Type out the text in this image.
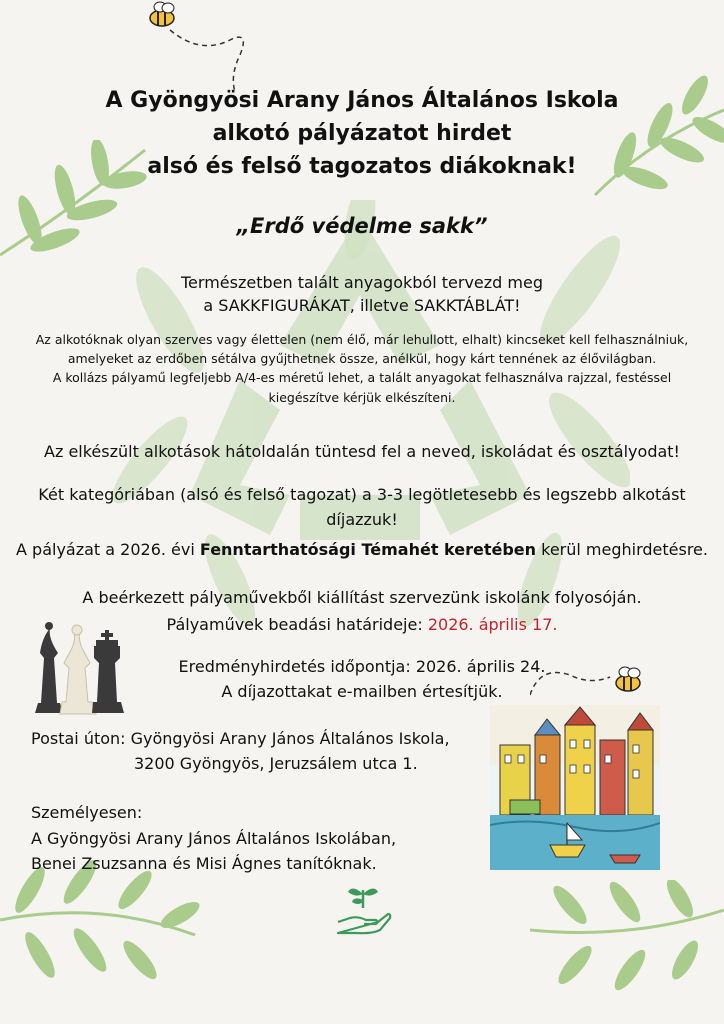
A Gyöngyösi Arany János Általános Iskola
alkotó pályázatot hirdet
alsó és felső tagozatos diákoknak!
„Erdő védelme sakk”
Természetben talált anyagokból tervezd meg
a SAKKFIGURÁKAT, illetve SAKKTÁBLÁT!
Az alkotóknak olyan szerves vagy élettelen (nem élő, már lehullott, elhalt) kincseket kell felhasználniuk,
amelyeket az erdőben sétálva gyűjthetnek össze, anélkül, hogy kárt tennének az élővilágban.
A kollázs pályamű legfeljebb A/4-es méretű lehet, a talált anyagokat felhasználva rajzzal, festéssel
kiegészítve kérjük elkészíteni.
Az elkészült alkotások hátoldalán tüntesd fel a neved, iskoládat és osztályodat!
Két kategóriában (alsó és felső tagozat) a 3-3 legötletesebb és legszebb alkotást
díjazzuk!
A pályázat a 2026. évi Fenntarthatósági Témahét keretében kerül meghirdetésre.
A beérkezett pályaművekből kiállítást szervezünk iskolánk folyosóján.
Pályaművek beadási határideje: 2026. április 17.
Eredményhirdetés időpontja: 2026. április 24.
A díjazottakat e-mailben értesítjük.
Postai úton: Gyöngyösi Arany János Általános Iskola,
3200 Gyöngyös, Jeruzsálem utca 1.
Személyesen:
A Gyöngyösi Arany János Általános Iskolában,
Benei Zsuzsanna és Misi Ágnes tanítóknak.
